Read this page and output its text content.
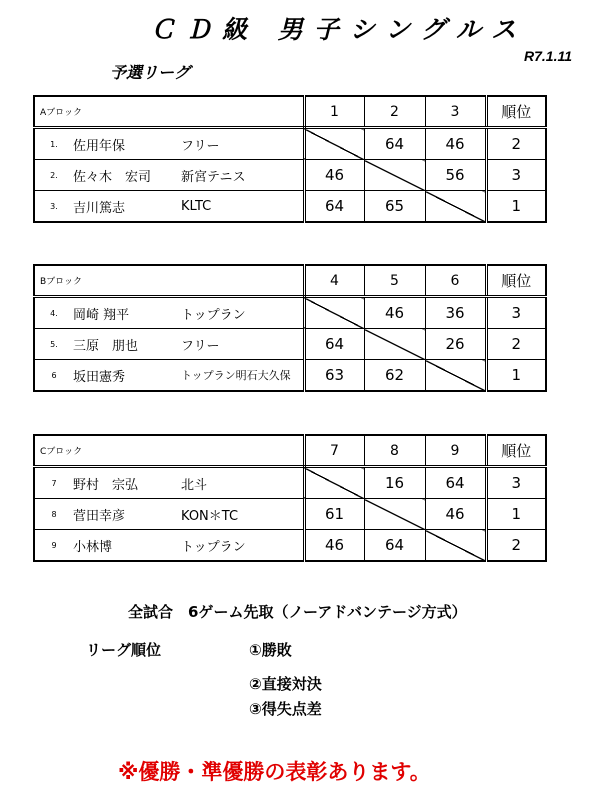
ＣＤ級 男子シングルス
R7.1.11
予選リーグ
Aブロック	1	2	3	順位
1. 佐用年保 フリー		64	46	2
2. 佐々木　宏司 新宮テニス	46		56	3
3. 吉川篤志 KLTC	64	65		1
Bブロック	4	5	6	順位
4. 岡崎 翔平 トップラン		46	36	3
5. 三原　朋也 フリー	64		26	2
6 坂田憲秀 トップラン明石大久保	63	62		1
Cブロック	7	8	9	順位
7 野村　宗弘 北斗		16	64	3
8 菅田幸彦 KON＊TC	61		46	1
9 小林博 トップラン	46	64		2
全試合　6ゲーム先取（ノーアドバンテージ方式）
リーグ順位	①勝敗
②直接対決
③得失点差
※優勝・準優勝の表彰あります。
